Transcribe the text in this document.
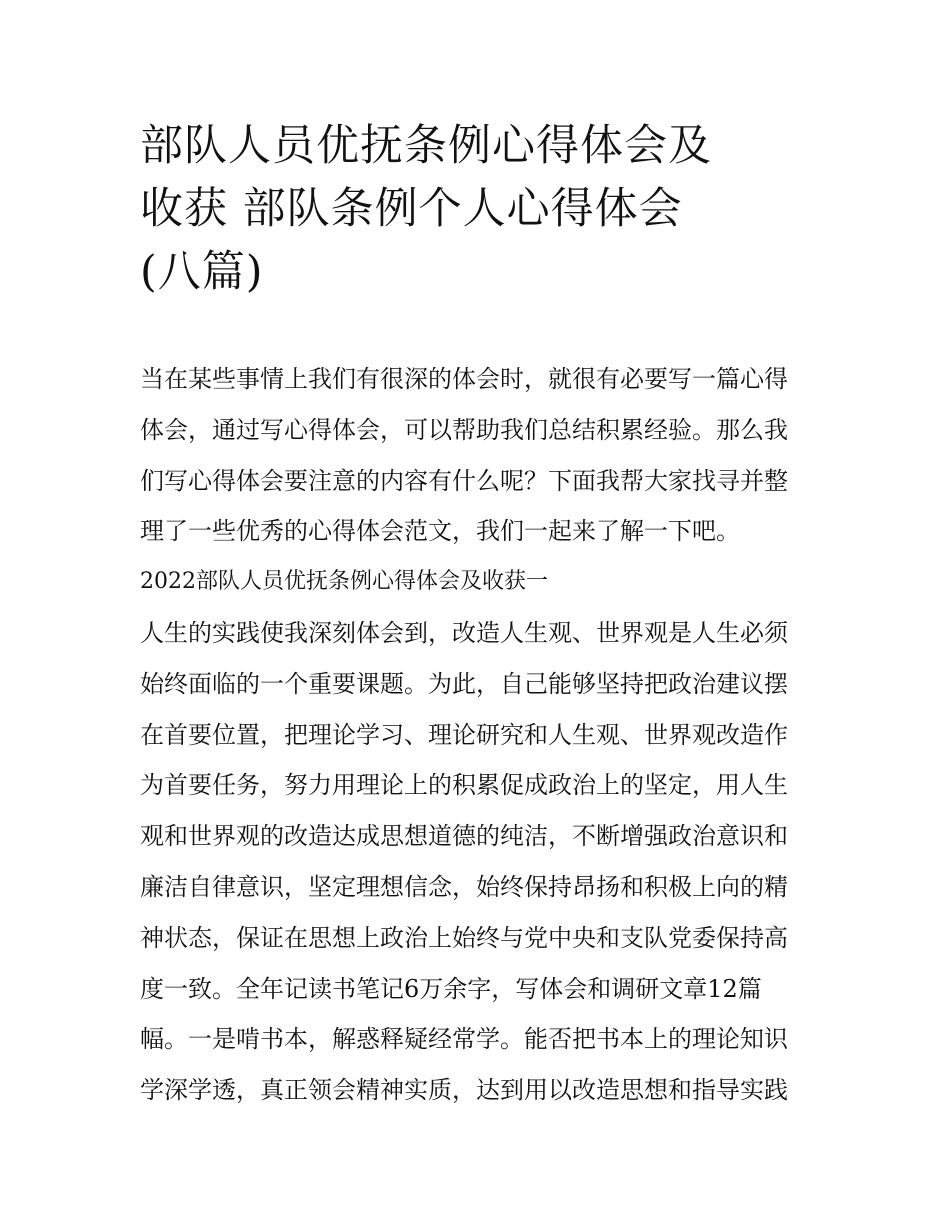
部队人员优抚条例心得体会及
收获 部队条例个人心得体会
(八篇)
当在某些事情上我们有很深的体会时，就很有必要写一篇心得
体会，通过写心得体会，可以帮助我们总结积累经验。那么我
们写心得体会要注意的内容有什么呢？下面我帮大家找寻并整
理了一些优秀的心得体会范文，我们一起来了解一下吧。
2022部队人员优抚条例心得体会及收获一
人生的实践使我深刻体会到，改造人生观、世界观是人生必须
始终面临的一个重要课题。为此，自己能够坚持把政治建议摆
在首要位置，把理论学习、理论研究和人生观、世界观改造作
为首要任务，努力用理论上的积累促成政治上的坚定，用人生
观和世界观的改造达成思想道德的纯洁，不断增强政治意识和
廉洁自律意识，坚定理想信念，始终保持昂扬和积极上向的精
神状态，保证在思想上政治上始终与党中央和支队党委保持高
度一致。全年记读书笔记6万余字，写体会和调研文章12篇
幅。一是啃书本，解惑释疑经常学。能否把书本上的理论知识
学深学透，真正领会精神实质，达到用以改造思想和指导实践
